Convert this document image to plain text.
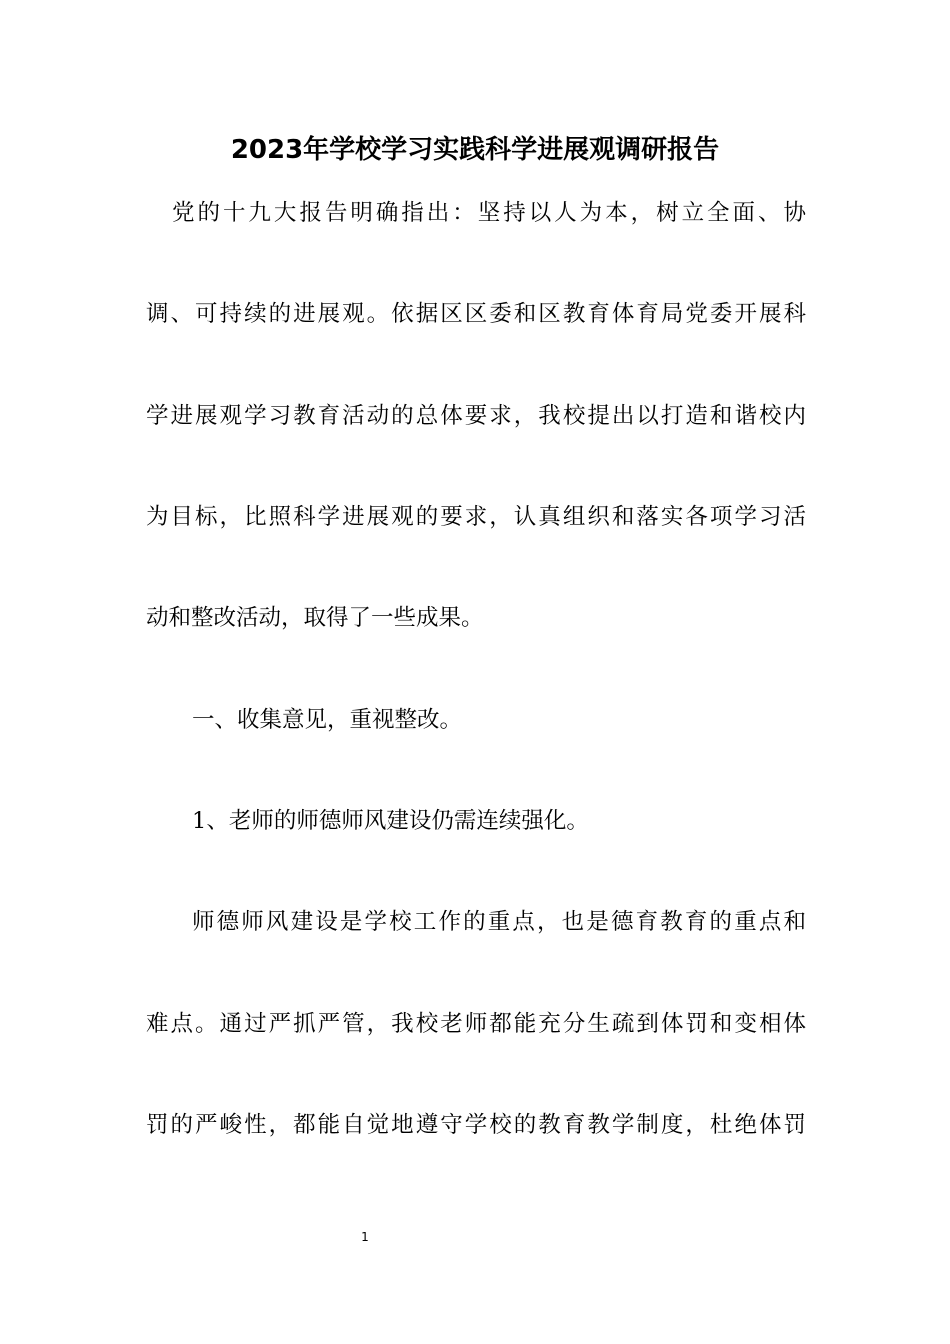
2023年学校学习实践科学进展观调研报告

党的十九大报告明确指出：坚持以人为本，树立全面、协

调、可持续的进展观。依据区区委和区教育体育局党委开展科

学进展观学习教育活动的总体要求，我校提出以打造和谐校内

为目标，比照科学进展观的要求，认真组织和落实各项学习活

动和整改活动，取得了一些成果。

一、收集意见，重视整改。

1、老师的师德师风建设仍需连续强化。

师德师风建设是学校工作的重点，也是德育教育的重点和

难点。通过严抓严管，我校老师都能充分生疏到体罚和变相体

罚的严峻性，都能自觉地遵守学校的教育教学制度，杜绝体罚

1
